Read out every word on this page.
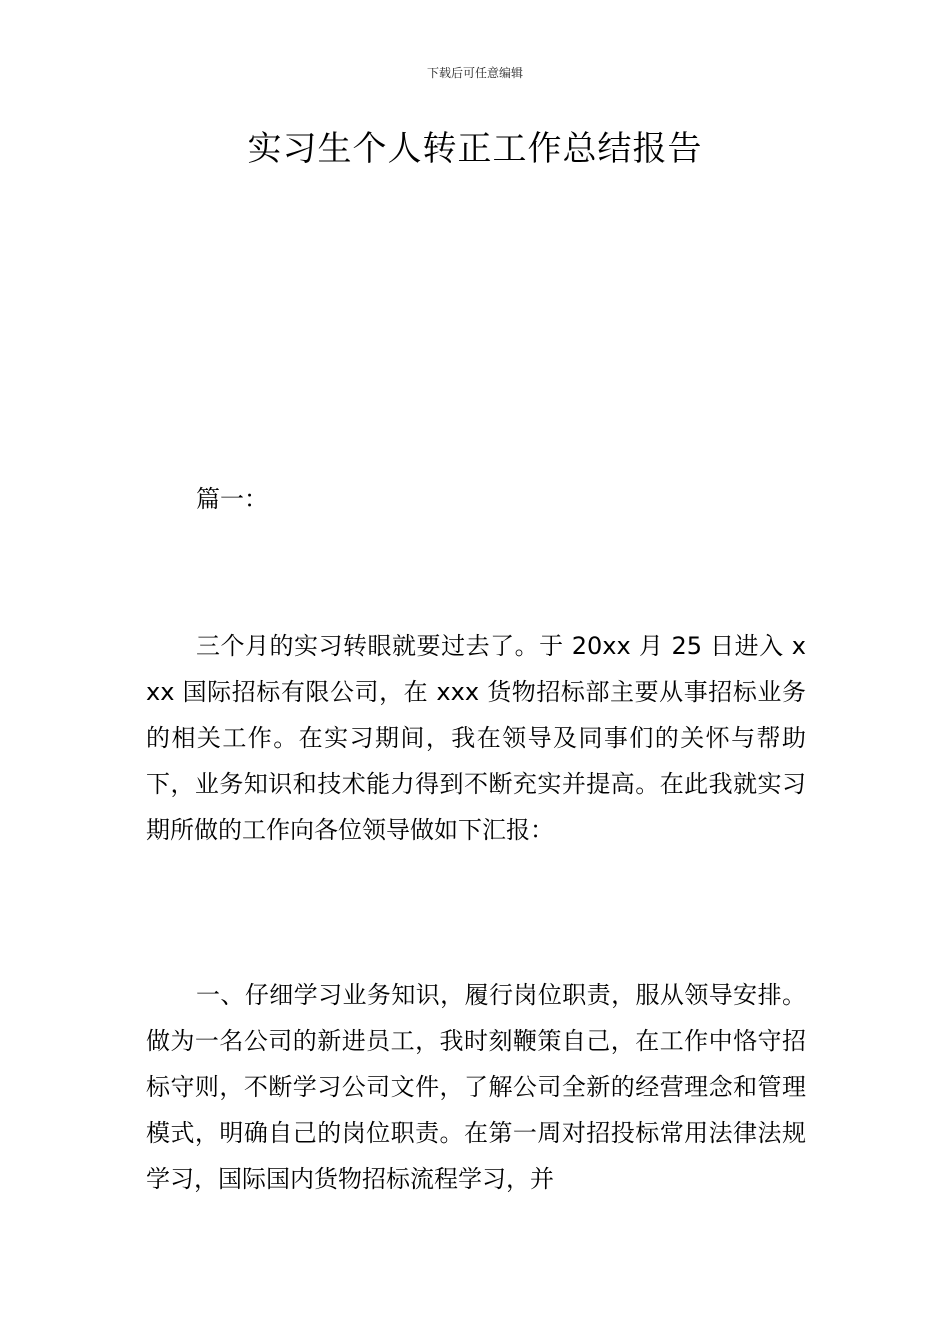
下载后可任意编辑
实习生个人转正工作总结报告
篇一：

三个月的实习转眼就要过去了。于 20xx 月 25 日进入 xxx 国际招标有限公司，在 xxx 货物招标部主要从事招标业务的相关工作。在实习期间，我在领导及同事们的关怀与帮助下，业务知识和技术能力得到不断充实并提高。在此我就实习期所做的工作向各位领导做如下汇报：

一、仔细学习业务知识，履行岗位职责，服从领导安排。做为一名公司的新进员工，我时刻鞭策自己，在工作中恪守招标守则，不断学习公司文件，了解公司全新的经营理念和管理模式，明确自己的岗位职责。在第一周对招投标常用法律法规学习，国际国内货物招标流程学习，并
